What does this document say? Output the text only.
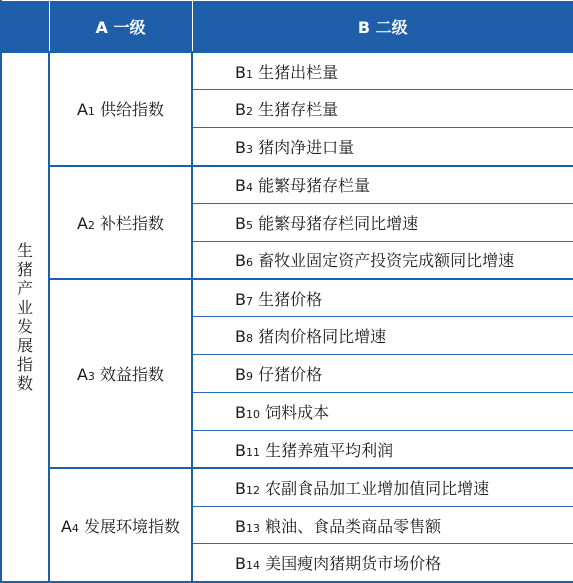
	A 一级	B 二级
生猪产业发展指数	A1 供给指数	B1 生猪出栏量
		B2 生猪存栏量
		B3 猪肉净进口量
	A2 补栏指数	B4 能繁母猪存栏量
		B5 能繁母猪存栏同比增速
		B6 畜牧业固定资产投资完成额同比增速
	A3 效益指数	B7 生猪价格
		B8 猪肉价格同比增速
		B9 仔猪价格
		B10 饲料成本
		B11 生猪养殖平均利润
	A4 发展环境指数	B12 农副食品加工业增加值同比增速
		B13 粮油、食品类商品零售额
		B14 美国瘦肉猪期货市场价格
